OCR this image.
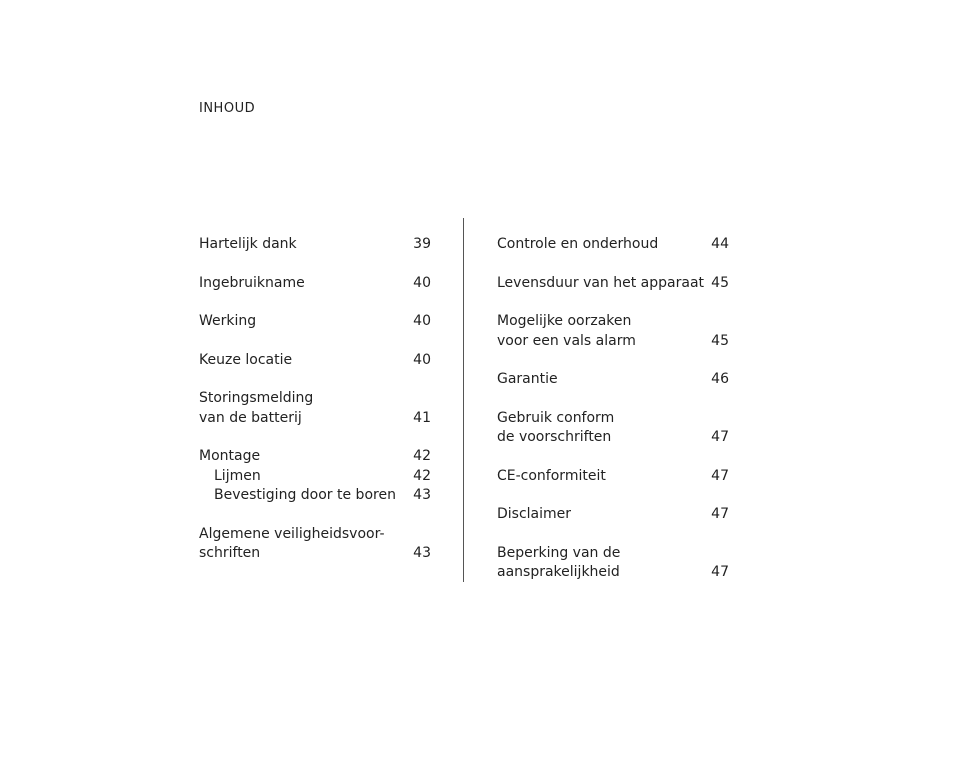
INHOUD
Hartelijk dank	39
Ingebruikname	40
Werking	40
Keuze locatie	40
Storingsmelding
van de batterij	41
Montage	42
Lijmen	42
Bevestiging door te boren 43
Algemene veiligheidsvoor-
schriften	43
Controle en onderhoud	44
Levensduur van het apparaat 45
Mogelijke oorzaken
voor een vals alarm	45
Garantie	46
Gebruik conform
de voorschriften	47
CE-conformiteit	47
Disclaimer	47
Beperking van de
aansprakelijkheid	47
